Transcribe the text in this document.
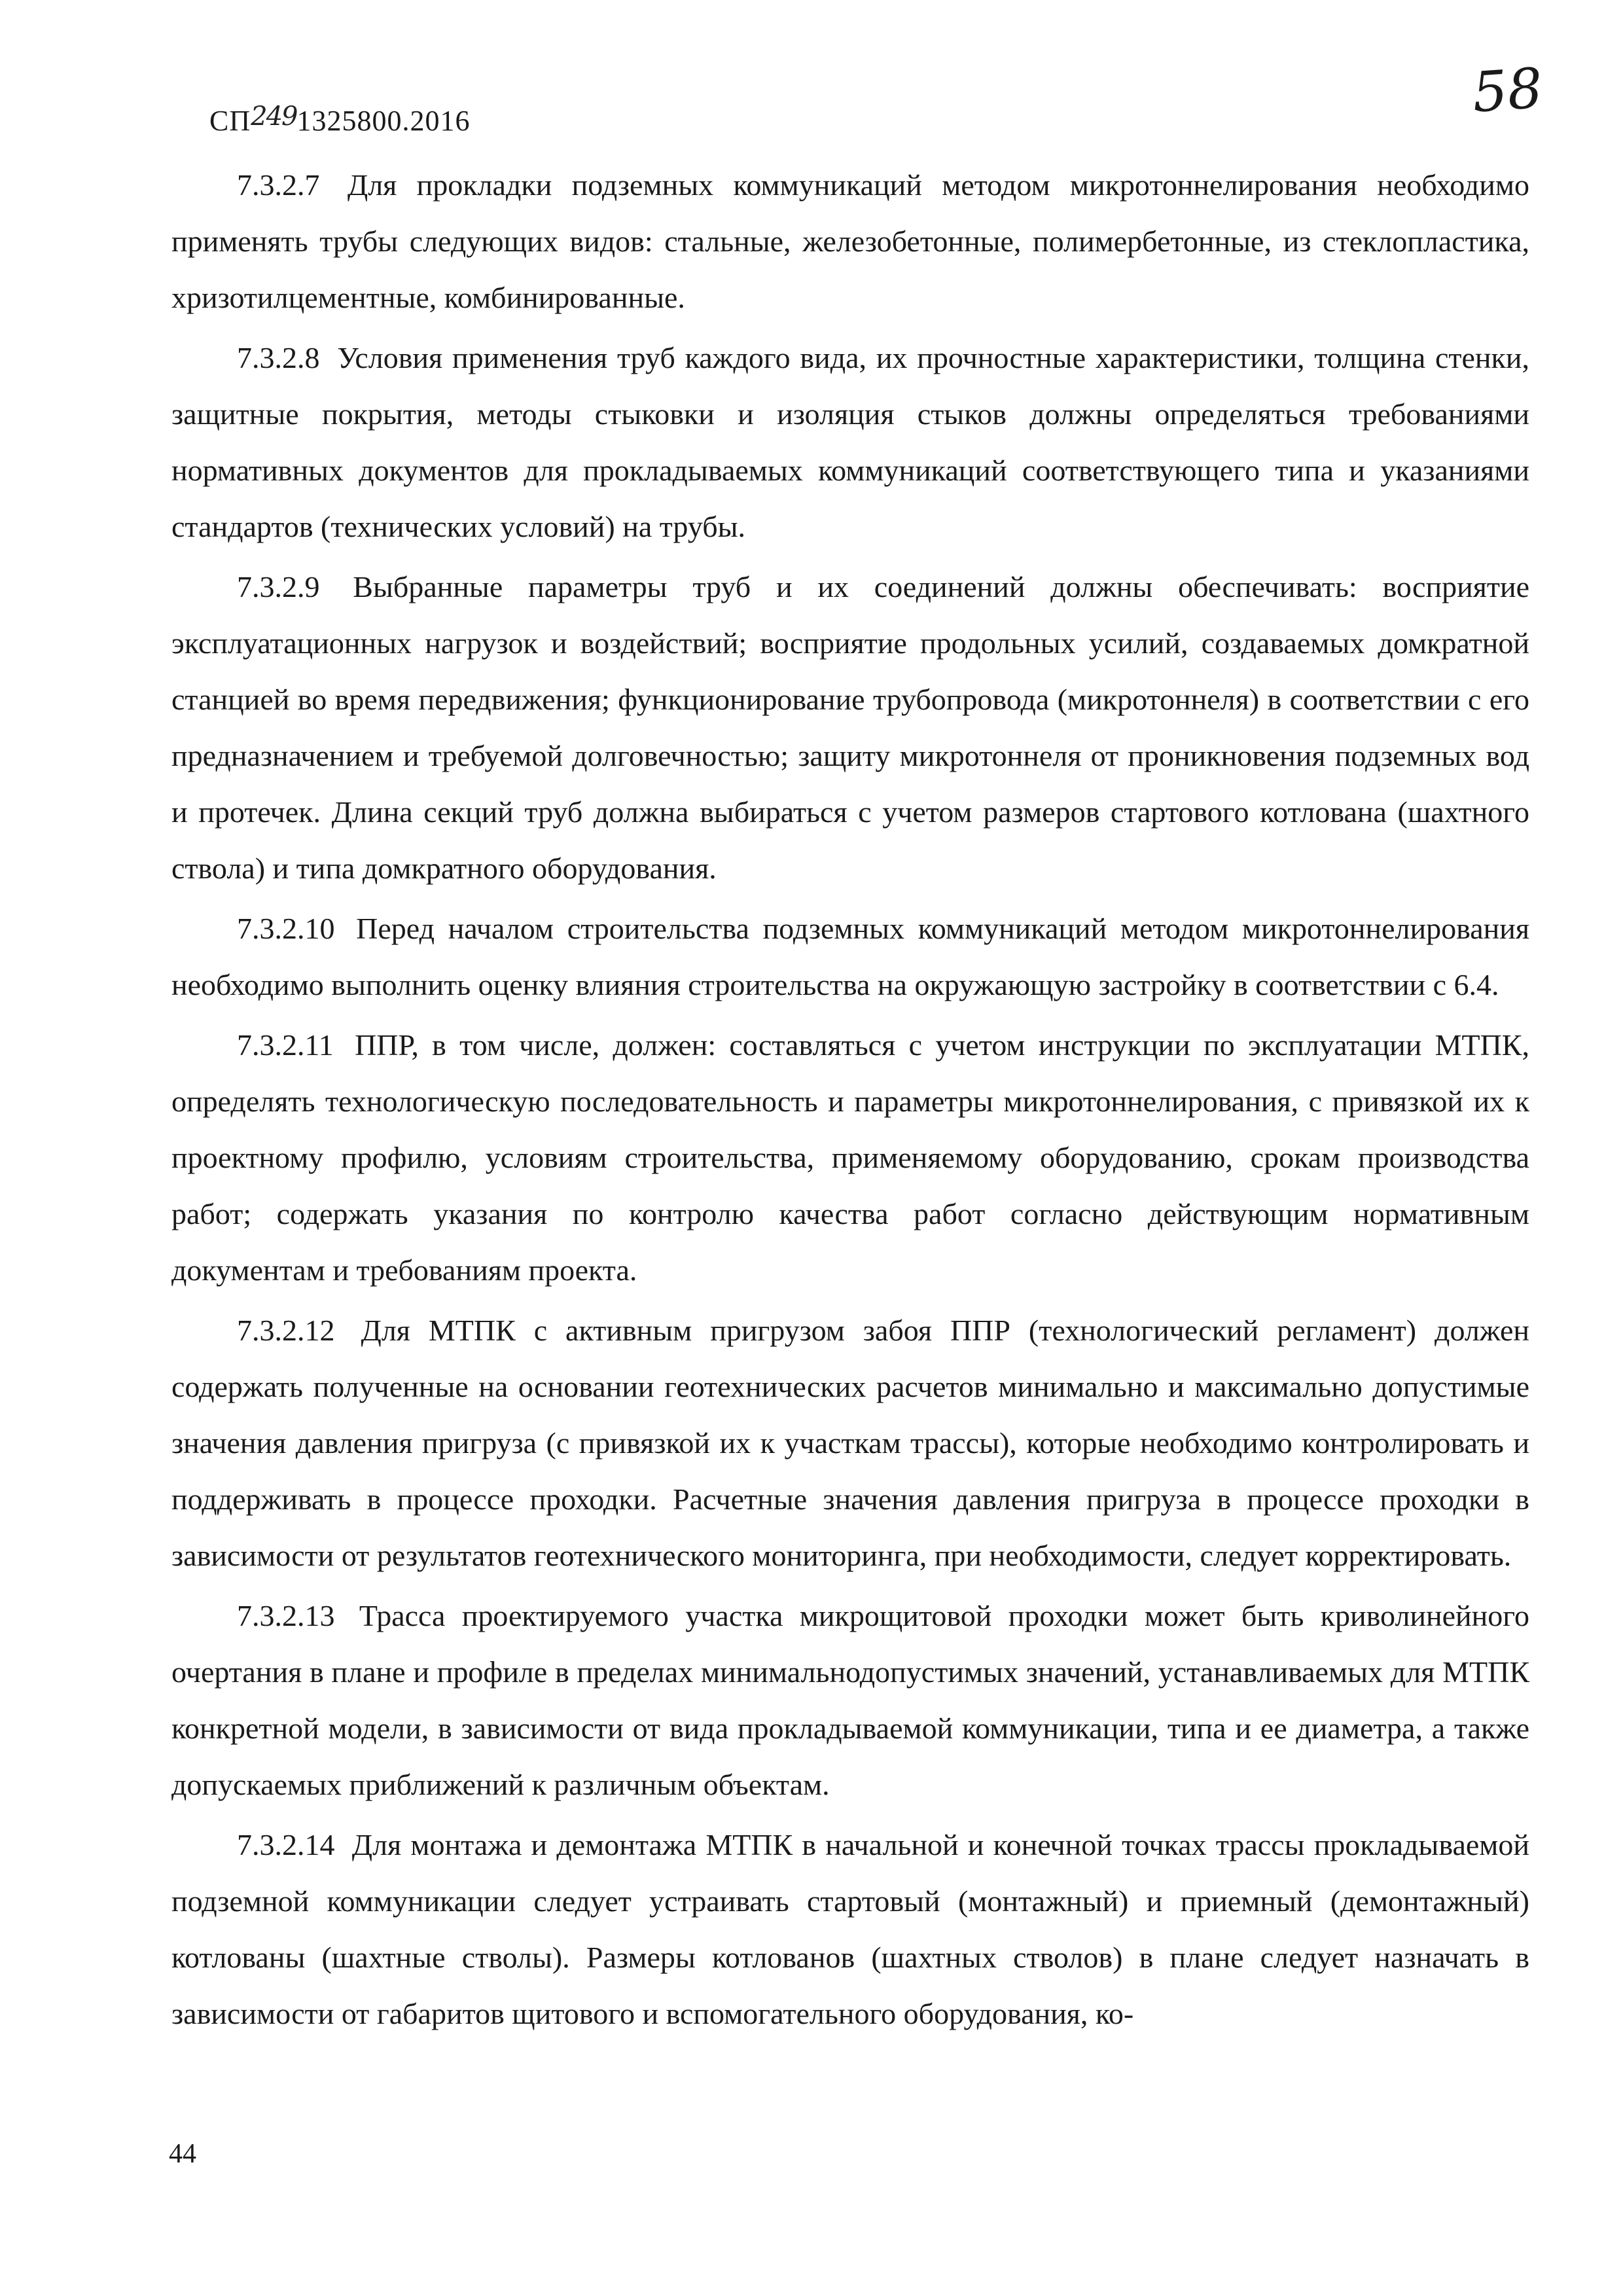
СП2491325800.2016	58

7.3.2.7 Для прокладки подземных коммуникаций методом микротоннелирования необходимо применять трубы следующих видов: стальные, железобетонные, полимербетонные, из стеклопластика, хризотилцементные, комбинированные.

7.3.2.8 Условия применения труб каждого вида, их прочностные характеристики, толщина стенки, защитные покрытия, методы стыковки и изоляция стыков должны определяться требованиями нормативных документов для прокладываемых коммуникаций соответствующего типа и указаниями стандартов (технических условий) на трубы.

7.3.2.9 Выбранные параметры труб и их соединений должны обеспечивать: восприятие эксплуатационных нагрузок и воздействий; восприятие продольных усилий, создаваемых домкратной станцией во время передвижения; функционирование трубопровода (микротоннеля) в соответствии с его предназначением и требуемой долговечностью; защиту микротоннеля от проникновения подземных вод и протечек. Длина секций труб должна выбираться с учетом размеров стартового котлована (шахтного ствола) и типа домкратного оборудования.

7.3.2.10 Перед началом строительства подземных коммуникаций методом микротоннелирования необходимо выполнить оценку влияния строительства на окружающую застройку в соответствии с 6.4.

7.3.2.11 ППР, в том числе, должен: составляться с учетом инструкции по эксплуатации МТПК, определять технологическую последовательность и параметры микротоннелирования, с привязкой их к проектному профилю, условиям строительства, применяемому оборудованию, срокам производства работ; содержать указания по контролю качества работ согласно действующим нормативным документам и требованиям проекта.

7.3.2.12 Для МТПК с активным пригрузом забоя ППР (технологический регламент) должен содержать полученные на основании геотехнических расчетов минимально и максимально допустимые значения давления пригруза (с привязкой их к участкам трассы), которые необходимо контролировать и поддерживать в процессе проходки. Расчетные значения давления пригруза в процессе проходки в зависимости от результатов геотехнического мониторинга, при необходимости, следует корректировать.

7.3.2.13 Трасса проектируемого участка микрощитовой проходки может быть криволинейного очертания в плане и профиле в пределах минимальнодопустимых значений, устанавливаемых для МТПК конкретной модели, в зависимости от вида прокладываемой коммуникации, типа и ее диаметра, а также допускаемых приближений к различным объектам.

7.3.2.14 Для монтажа и демонтажа МТПК в начальной и конечной точках трассы прокладываемой подземной коммуникации следует устраивать стартовый (монтажный) и приемный (демонтажный) котлованы (шахтные стволы). Размеры котлованов (шахтных стволов) в плане следует назначать в зависимости от габаритов щитового и вспомогательного оборудования, ко-

44
